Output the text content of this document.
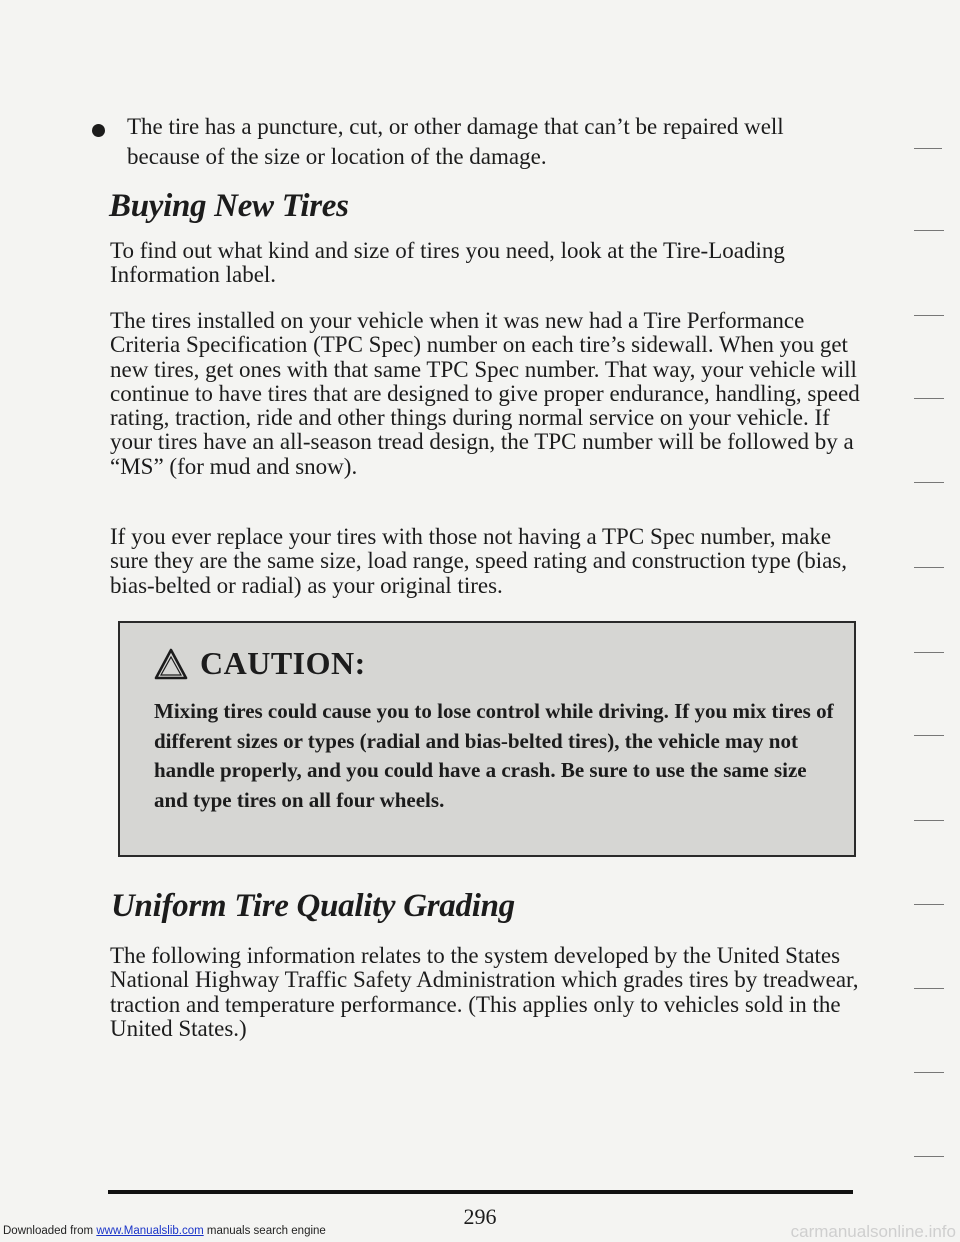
The tire has a puncture, cut, or other damage that can’t be repaired well because of the size or location of the damage.
Buying New Tires

To find out what kind and size of tires you need, look at the Tire-Loading Information label.

The tires installed on your vehicle when it was new had a Tire Performance Criteria Specification (TPC Spec) number on each tire’s sidewall. When you get new tires, get ones with that same TPC Spec number. That way, your vehicle will continue to have tires that are designed to give proper endurance, handling, speed rating, traction, ride and other things during normal service on your vehicle. If your tires have an all-season tread design, the TPC number will be followed by a “MS” (for mud and snow).

If you ever replace your tires with those not having a TPC Spec number, make sure they are the same size, load range, speed rating and construction type (bias, bias-belted or radial) as your original tires.

CAUTION:

Mixing tires could cause you to lose control while driving. If you mix tires of different sizes or types (radial and bias-belted tires), the vehicle may not handle properly, and you could have a crash. Be sure to use the same size and type tires on all four wheels.

Uniform Tire Quality Grading

The following information relates to the system developed by the United States National Highway Traffic Safety Administration which grades tires by treadwear, traction and temperature performance. (This applies only to vehicles sold in the United States.)

296
Downloaded from www.Manualslib.com manuals search engine	carmanualsonline.info
